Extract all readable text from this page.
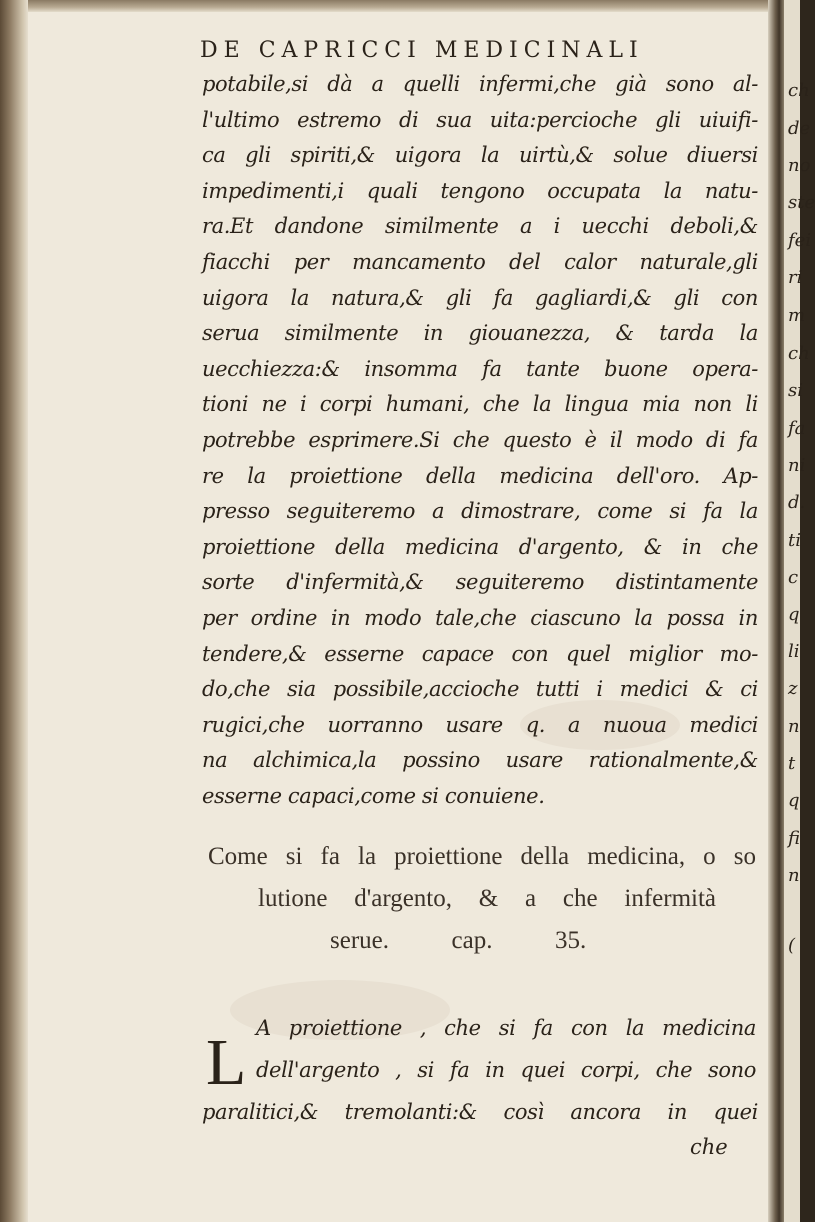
DE CAPRICCI MEDICINALI
potabile,si dà a quelli infermi,che già sono al-
l'ultimo estremo di sua uita:percioche gli uiuifi-
ca gli spiriti,& uigora la uirtù,& solue diuersi
impedimenti,i quali tengono occupata la natu-
ra.Et dandone similmente a i uecchi deboli,&
fiacchi per mancamento del calor naturale,gli
uigora la natura,& gli fa gagliardi,& gli con
serua similmente in giouanezza, & tarda la
uecchiezza:& insomma fa tante buone opera-
tioni ne i corpi humani, che la lingua mia non li
potrebbe esprimere.Si che questo è il modo di fa
re la proiettione della medicina dell'oro. Ap-
presso seguiteremo a dimostrare, come si fa la
proiettione della medicina d'argento, & in che
sorte d'infermità,& seguiteremo distintamente
per ordine in modo tale,che ciascuno la possa in
tendere,& esserne capace con quel miglior mo-
do,che sia possibile,accioche tutti i medici & ci
rugici,che uorranno usare q. a nuoua medici
na alchimica,la possino usare rationalmente,&
esserne capaci,come si conuiene.
Come si fa la proiettione della medicina, o so
lutione d'argento, & a che infermità
serue.          cap.          35.
L A proiettione , che si fa con la medicina
dell'argento , si fa in quei corpi, che sono
paralitici,& tremolanti:& così ancora in quei
che
ch
de
no
ste
fei
ri
m
ch
si
fa
ni
d.
ti
c
q
li
z
n
t
q
fi
n
(
